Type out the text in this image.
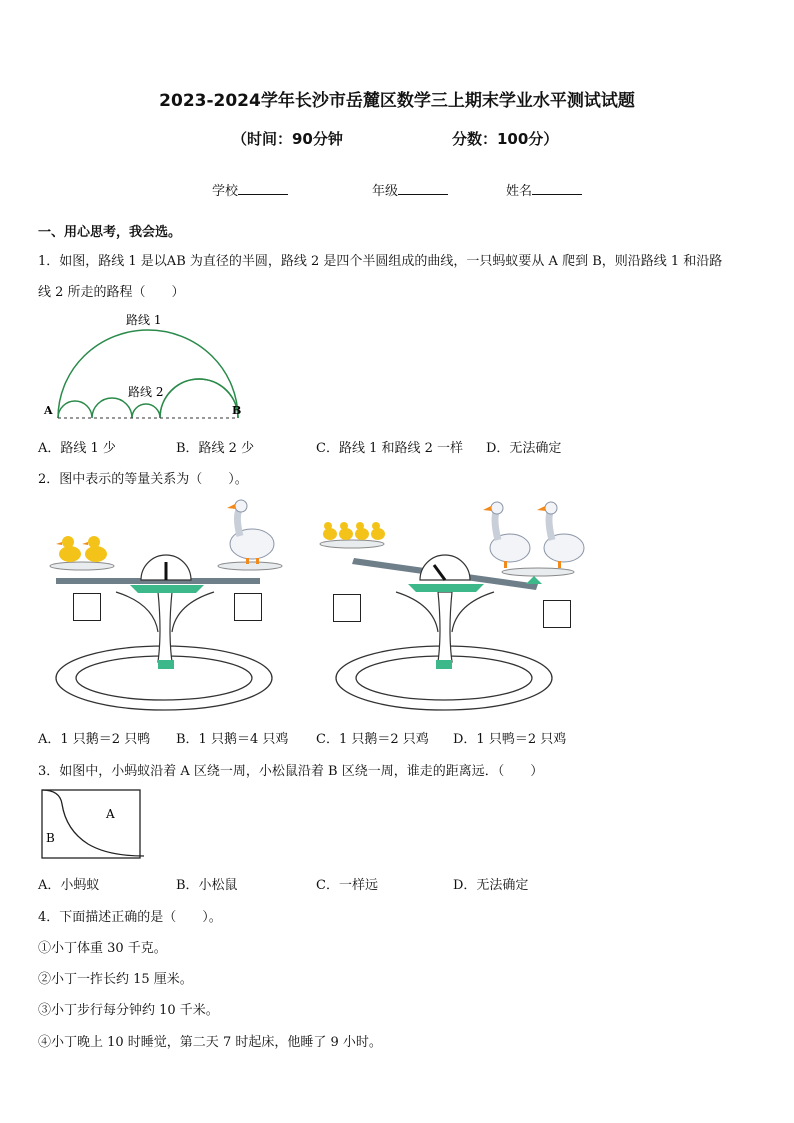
2023-2024学年长沙市岳麓区数学三上期末学业水平测试试题
（时间：90分钟	分数：100分）
学校	年级	姓名
一、用心思考，我会选。
1．如图，路线 1 是以AB 为直径的半圆，路线 2 是四个半圆组成的曲线，一只蚂蚁要从 A 爬到 B，则沿路线 1 和沿路
线 2 所走的路程（　　）
路线 1
路线 2
A	B
A．路线 1 少	B．路线 2 少	C．路线 1 和路线 2 一样 D．无法确定
2．图中表示的等量关系为（　　）。
A．1 只鹅＝2 只鸭 B．1 只鹅＝4 只鸡 C．1 只鹅＝2 只鸡 D．1 只鸭＝2 只鸡
3．如图中，小蚂蚁沿着 A 区绕一周，小松鼠沿着 B 区绕一周，谁走的距离远．（　　）
A
B
A．小蚂蚁	B．小松鼠	C．一样远	D．无法确定
4．下面描述正确的是（　　）。
①小丁体重 30 千克。
②小丁一拃长约 15 厘米。
③小丁步行每分钟约 10 千米。
④小丁晚上 10 时睡觉，第二天 7 时起床，他睡了 9 小时。
